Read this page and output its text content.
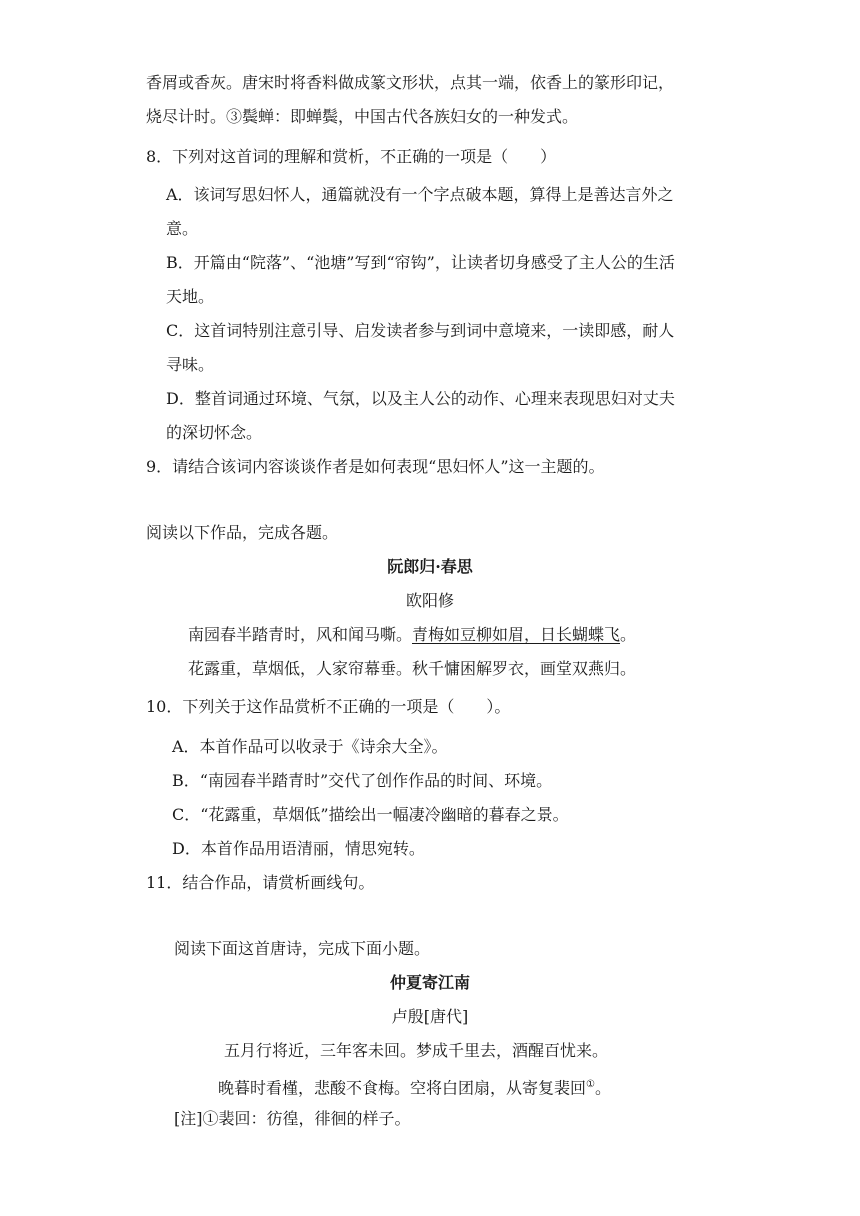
香屑或香灰。唐宋时将香料做成篆文形状，点其一端，依香上的篆形印记，
烧尽计时。③鬓蝉：即蝉鬓，中国古代各族妇女的一种发式。
8．下列对这首词的理解和赏析，不正确的一项是（　　）
A．该词写思妇怀人，通篇就没有一个字点破本题，算得上是善达言外之
意。
B．开篇由“院落”、“池塘”写到“帘钩”，让读者切身感受了主人公的生活
天地。
C．这首词特别注意引导、启发读者参与到词中意境来，一读即感，耐人
寻味。
D．整首词通过环境、气氛，以及主人公的动作、心理来表现思妇对丈夫
的深切怀念。
9．请结合该词内容谈谈作者是如何表现“思妇怀人”这一主题的。
阅读以下作品，完成各题。
阮郎归·春思
欧阳修
南园春半踏青时，风和闻马嘶。青梅如豆柳如眉，日长蝴蝶飞。
花露重，草烟低，人家帘幕垂。秋千慵困解罗衣，画堂双燕归。
10．下列关于这作品赏析不正确的一项是（　　）。
A．本首作品可以收录于《诗余大全》。
B．“南园春半踏青时”交代了创作作品的时间、环境。
C．“花露重，草烟低”描绘出一幅凄冷幽暗的暮春之景。
D．本首作品用语清丽，情思宛转。
11．结合作品，请赏析画线句。
阅读下面这首唐诗，完成下面小题。
仲夏寄江南
卢殷[唐代]
五月行将近，三年客未回。梦成千里去，酒醒百忧来。
晚暮时看槿，悲酸不食梅。空将白团扇，从寄复裴回①。
[注]①裴回：彷徨，徘徊的样子。
